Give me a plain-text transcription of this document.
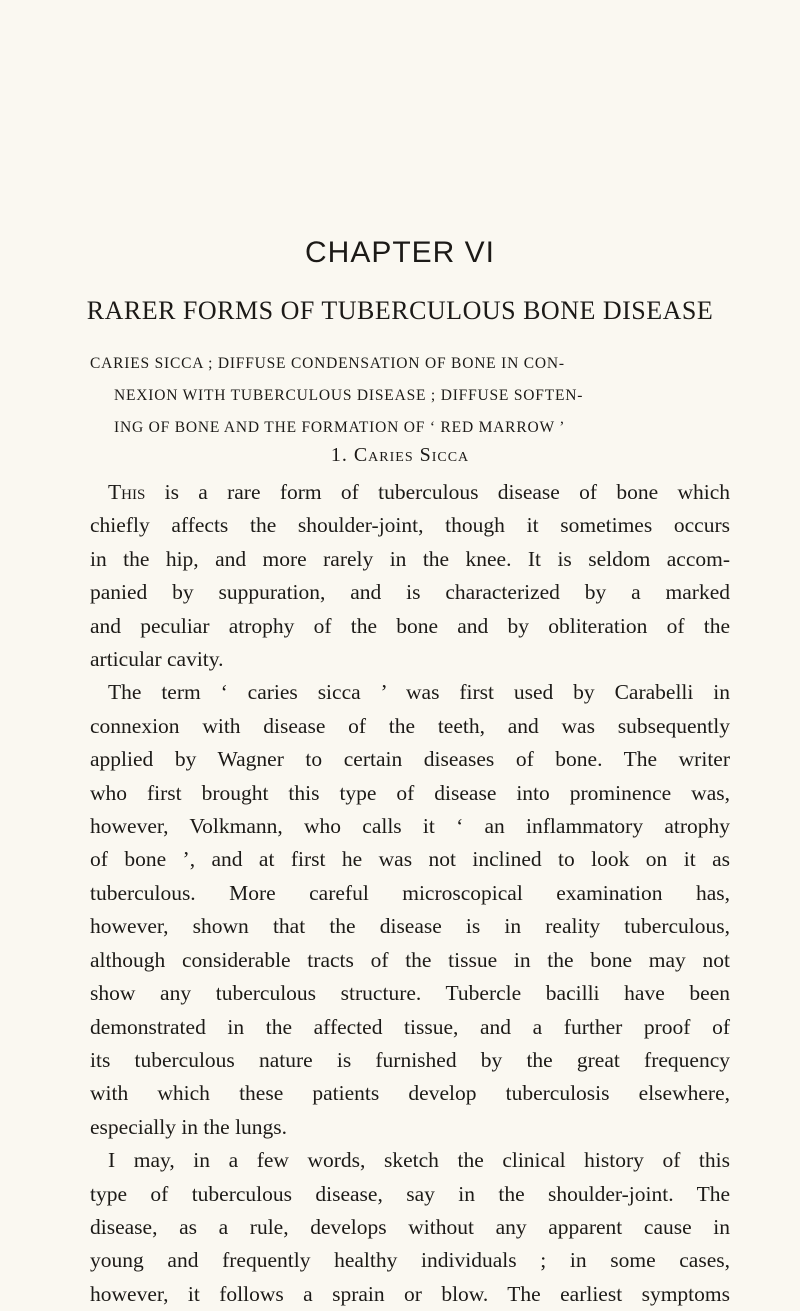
CHAPTER VI
RARER FORMS OF TUBERCULOUS BONE DISEASE
CARIES SICCA ; DIFFUSE CONDENSATION OF BONE IN CON-
NEXION WITH TUBERCULOUS DISEASE ; DIFFUSE SOFTEN-
ING OF BONE AND THE FORMATION OF ‘ RED MARROW ’
1. Caries Sicca
This is a rare form of tuberculous disease of bone which
chiefly affects the shoulder-joint, though it sometimes occurs
in the hip, and more rarely in the knee. It is seldom accom-
panied by suppuration, and is characterized by a marked
and peculiar atrophy of the bone and by obliteration of the
articular cavity.
The term ‘ caries sicca ’ was first used by Carabelli in
connexion with disease of the teeth, and was subsequently
applied by Wagner to certain diseases of bone. The writer
who first brought this type of disease into prominence was,
however, Volkmann, who calls it ‘ an inflammatory atrophy
of bone ’, and at first he was not inclined to look on it as
tuberculous. More careful microscopical examination has,
however, shown that the disease is in reality tuberculous,
although considerable tracts of the tissue in the bone may not
show any tuberculous structure. Tubercle bacilli have been
demonstrated in the affected tissue, and a further proof of
its tuberculous nature is furnished by the great frequency
with which these patients develop tuberculosis elsewhere,
especially in the lungs.
I may, in a few words, sketch the clinical history of this
type of tuberculous disease, say in the shoulder-joint. The
disease, as a rule, develops without any apparent cause in
young and frequently healthy individuals ; in some cases,
however, it follows a sprain or blow. The earliest symptoms
